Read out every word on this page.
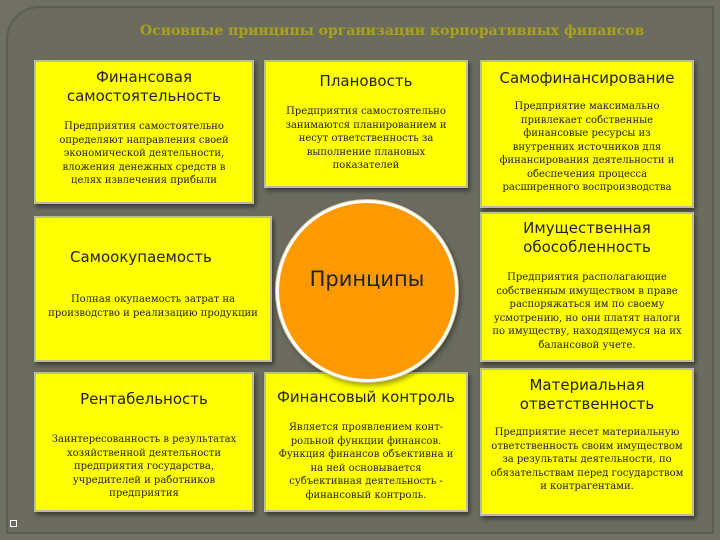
Основные принципы организации корпоративных финансов
Финансовая самостоятельность
Предприятия самостоятельно определяют направления своей экономической деятельности, вложения денежных средств в целях извлечения прибыли
Плановость
Предприятия самостоятельно занимаются планированием и несут ответственность за выполнение плановых показателей
Самофинансирование
Предприятие максимально привлекает собственные финансовые ресурсы из внутренних источников для финансирования деятельности и обеспечения процесса расширенного воспроизводства
Самоокупаемость
Полная окупаемость затрат на производство и реализацию продукции
Имущественная обособленность
Предприятия располагающие собственным имуществом в праве распоряжаться им по своему усмотрению, но они платят налоги по имуществу, находящемуся на их балансовой учете.
Рентабельность
Заинтересованность в результатах хозяйственной деятельности предприятия государства, учредителей и работников предприятия
Финансовый контроль
Является проявлением конт-рольной функции финансов. Функция финансов объективна и на ней основывается субъективная деятельность - финансовый контроль.
Материальная ответственность
Предприятие несет материальную ответственность своим имуществом за результаты деятельности, по обязательствам перед государством и контрагентами.
Принципы
